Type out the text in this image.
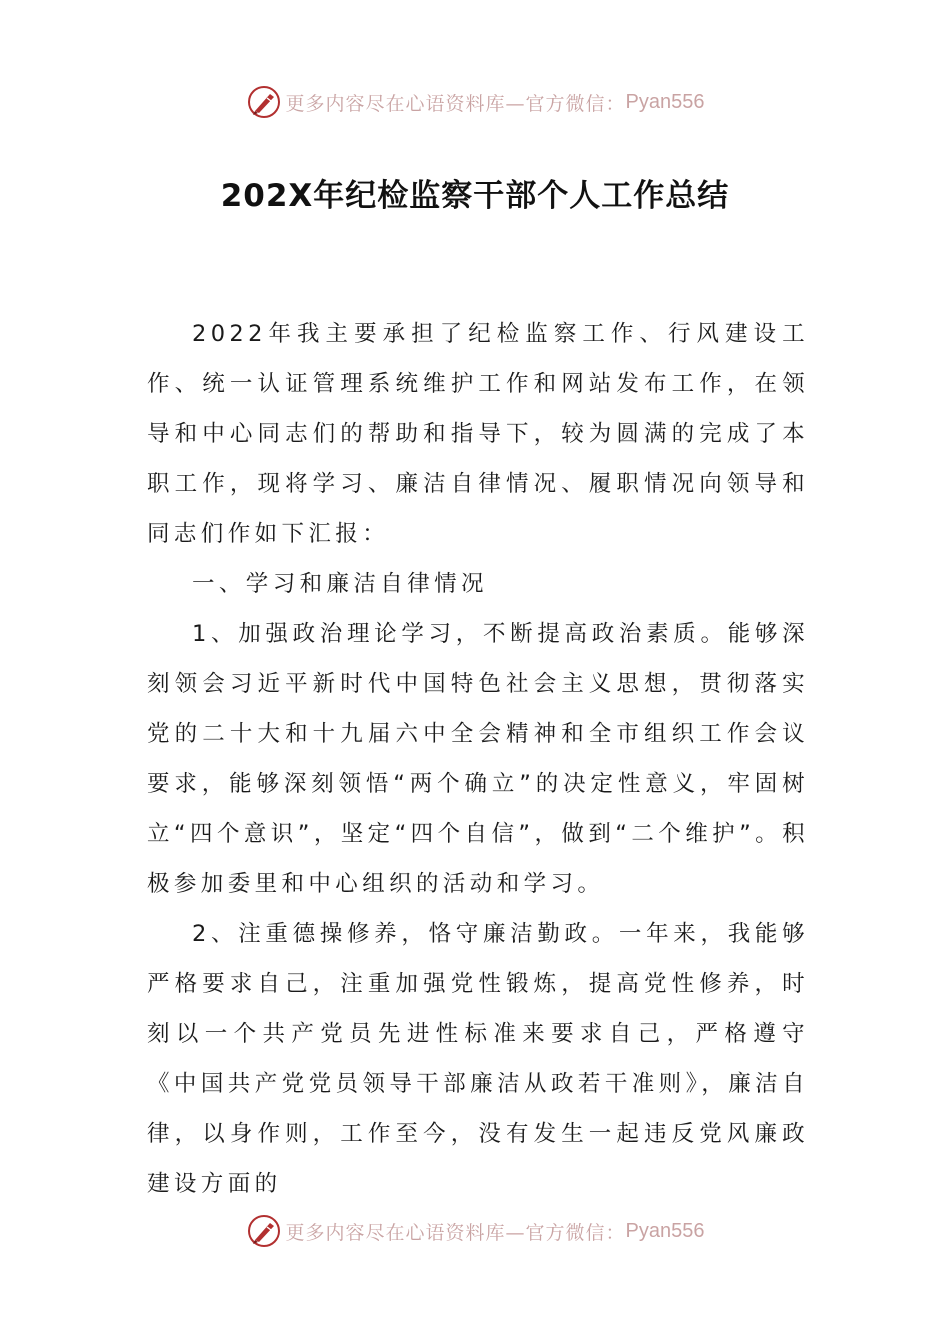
更多内容尽在心语资料库—官方微信： Pyan556
202X年纪检监察干部个人工作总结

2022年我主要承担了纪检监察工作、行风建设工作、统一认证管理系统维护工作和网站发布工作，在领导和中心同志们的帮助和指导下，较为圆满的完成了本职工作，现将学习、廉洁自律情况、履职情况向领导和同志们作如下汇报：

一、学习和廉洁自律情况

1、加强政治理论学习，不断提高政治素质。能够深刻领会习近平新时代中国特色社会主义思想，贯彻落实党的二十大和十九届六中全会精神和全市组织工作会议要求，能够深刻领悟“两个确立”的决定性意义，牢固树立“四个意识”，坚定“四个自信”，做到“二个维护”。积极参加委里和中心组织的活动和学习。

2、注重德操修养，恪守廉洁勤政。一年来，我能够严格要求自己，注重加强党性锻炼，提高党性修养，时刻以一个共产党员先进性标准来要求自己，严格遵守《中国共产党党员领导干部廉洁从政若干准则》，廉洁自律，以身作则，工作至今，没有发生一起违反党风廉政建设方面的

更多内容尽在心语资料库—官方微信： Pyan556
